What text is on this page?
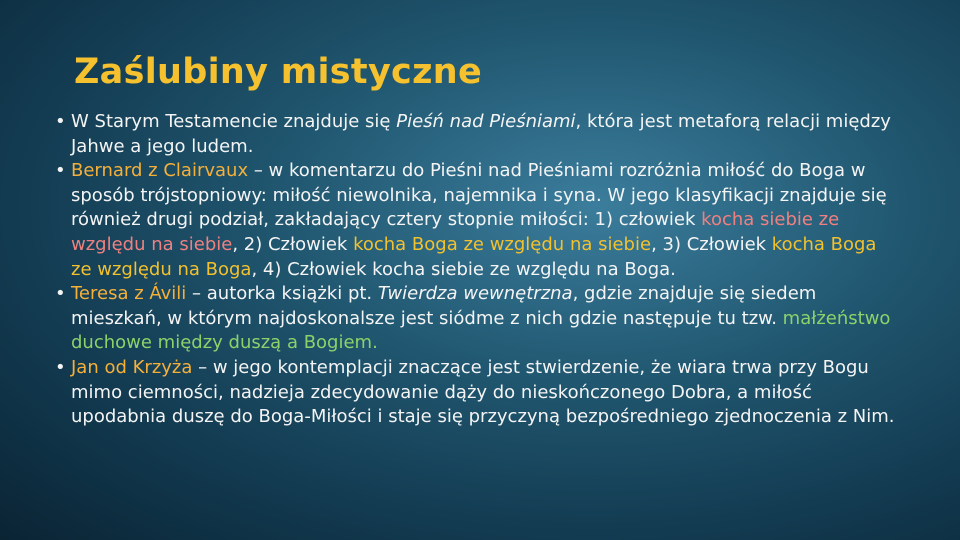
Zaślubiny mistyczne
• W Starym Testamencie znajduje się Pieśń nad Pieśniami, która jest metaforą relacji między Jahwe a jego ludem.
• Bernard z Clairvaux – w komentarzu do Pieśni nad Pieśniami rozróżnia miłość do Boga w sposób trójstopniowy: miłość niewolnika, najemnika i syna. W jego klasyfikacji znajduje się również drugi podział, zakładający cztery stopnie miłości: 1) człowiek kocha siebie ze względu na siebie, 2) Człowiek kocha Boga ze względu na siebie, 3) Człowiek kocha Boga ze względu na Boga, 4) Człowiek kocha siebie ze względu na Boga.
• Teresa z Ávili – autorka książki pt. Twierdza wewnętrzna, gdzie znajduje się siedem mieszkań, w którym najdoskonalsze jest siódme z nich gdzie następuje tu tzw. małżeństwo duchowe między duszą a Bogiem.
• Jan od Krzyża – w jego kontemplacji znaczące jest stwierdzenie, że wiara trwa przy Bogu mimo ciemności, nadzieja zdecydowanie dąży do nieskończonego Dobra, a miłość upodabnia duszę do Boga-Miłości i staje się przyczyną bezpośredniego zjednoczenia z Nim.
